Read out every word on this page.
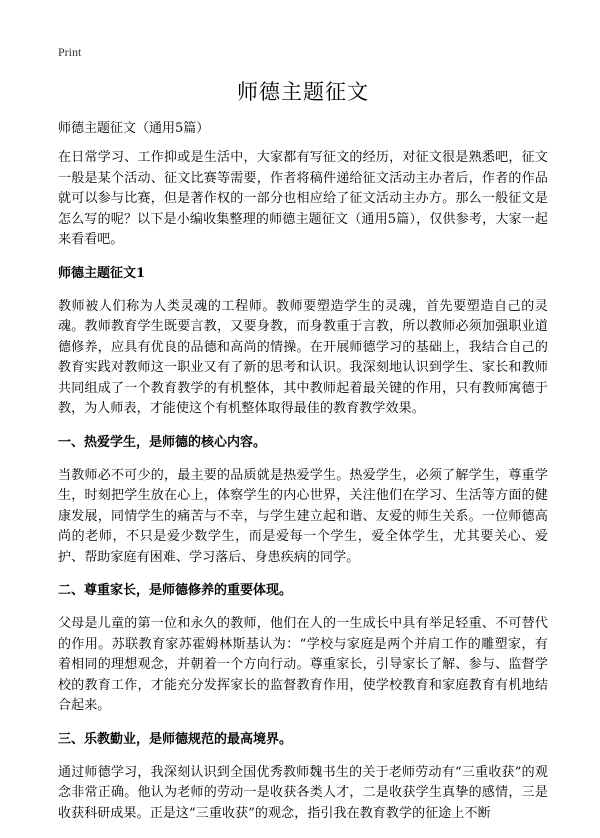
Print
师德主题征文
师德主题征文（通用5篇）

在日常学习、工作抑或是生活中，大家都有写征文的经历，对征文很是熟悉吧，征文一般是某个活动、征文比赛等需要，作者将稿件递给征文活动主办者后，作者的作品就可以参与比赛，但是著作权的一部分也相应给了征文活动主办方。那么一般征文是怎么写的呢？以下是小编收集整理的师德主题征文（通用5篇），仅供参考，大家一起来看看吧。

师德主题征文1

教师被人们称为人类灵魂的工程师。教师要塑造学生的灵魂，首先要塑造自己的灵魂。教师教育学生既要言教，又要身教，而身教重于言教，所以教师必须加强职业道德修养，应具有优良的品德和高尚的情操。在开展师德学习的基础上，我结合自己的教育实践对教师这一职业又有了新的思考和认识。我深刻地认识到学生、家长和教师共同组成了一个教育教学的有机整体，其中教师起着最关键的作用，只有教师寓德于教，为人师表，才能使这个有机整体取得最佳的教育教学效果。

一、热爱学生，是师德的核心内容。

当教师必不可少的，最主要的品质就是热爱学生。热爱学生，必须了解学生，尊重学生，时刻把学生放在心上，体察学生的内心世界，关注他们在学习、生活等方面的健康发展，同情学生的痛苦与不幸，与学生建立起和谐、友爱的师生关系。一位师德高尚的老师，不只是爱少数学生，而是爱每一个学生，爱全体学生，尤其要关心、爱护、帮助家庭有困难、学习落后、身患疾病的同学。

二、尊重家长，是师德修养的重要体现。

父母是儿童的第一位和永久的教师，他们在人的一生成长中具有举足轻重、不可替代的作用。苏联教育家苏霍姆林斯基认为：“学校与家庭是两个并肩工作的雕塑家，有着相同的理想观念，并朝着一个方向行动。尊重家长，引导家长了解、参与、监督学校的教育工作，才能充分发挥家长的监督教育作用，使学校教育和家庭教育有机地结合起来。

三、乐教勤业，是师德规范的最高境界。

通过师德学习，我深刻认识到全国优秀教师魏书生的关于老师劳动有“三重收获”的观念非常正确。他认为老师的劳动一是收获各类人才，二是收获学生真挚的感情，三是收获科研成果。正是这“三重收获”的观念，指引我在教育教学的征途上不断
